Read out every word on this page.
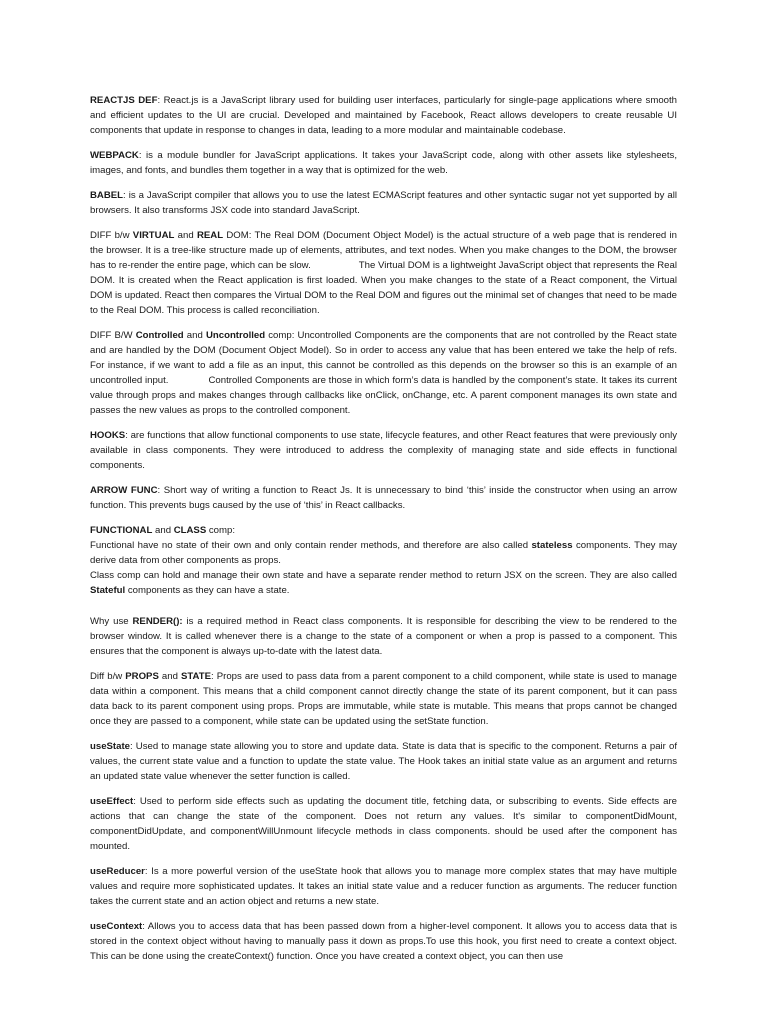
REACTJS DEF: React.js is a JavaScript library used for building user interfaces, particularly for single-page applications where smooth and efficient updates to the UI are crucial. Developed and maintained by Facebook, React allows developers to create reusable UI components that update in response to changes in data, leading to a more modular and maintainable codebase.

WEBPACK: is a module bundler for JavaScript applications. It takes your JavaScript code, along with other assets like stylesheets, images, and fonts, and bundles them together in a way that is optimized for the web.

BABEL: is a JavaScript compiler that allows you to use the latest ECMAScript features and other syntactic sugar not yet supported by all browsers. It also transforms JSX code into standard JavaScript.

DIFF b/w VIRTUAL and REAL DOM: The Real DOM (Document Object Model) is the actual structure of a web page that is rendered in the browser. It is a tree-like structure made up of elements, attributes, and text nodes. When you make changes to the DOM, the browser has to re-render the entire page, which can be slow.	The Virtual DOM is a lightweight JavaScript object that represents the Real DOM. It is created when the React application is first loaded. When you make changes to the state of a React component, the Virtual DOM is updated. React then compares the Virtual DOM to the Real DOM and figures out the minimal set of changes that need to be made to the Real DOM. This process is called reconciliation.

DIFF B/W Controlled and Uncontrolled comp: Uncontrolled Components are the components that are not controlled by the React state and are handled by the DOM (Document Object Model). So in order to access any value that has been entered we take the help of refs. For instance, if we want to add a file as an input, this cannot be controlled as this depends on the browser so this is an example of an uncontrolled input.	Controlled Components are those in which form’s data is handled by the component’s state. It takes its current value through props and makes changes through callbacks like onClick, onChange, etc. A parent component manages its own state and passes the new values as props to the controlled component.

HOOKS: are functions that allow functional components to use state, lifecycle features, and other React features that were previously only available in class components. They were introduced to address the complexity of managing state and side effects in functional components.

ARROW FUNC: Short way of writing a function to React Js. It is unnecessary to bind ‘this’ inside the constructor when using an arrow function. This prevents bugs caused by the use of ‘this’ in React callbacks.

FUNCTIONAL and CLASS comp:
Functional have no state of their own and only contain render methods, and therefore are also called stateless components. They may derive data from other components as props.
Class comp can hold and manage their own state and have a separate render method to return JSX on the screen. They are also called Stateful components as they can have a state.

Why use RENDER(): is a required method in React class components. It is responsible for describing the view to be rendered to the browser window. It is called whenever there is a change to the state of a component or when a prop is passed to a component. This ensures that the component is always up-to-date with the latest data.

Diff b/w PROPS and STATE: Props are used to pass data from a parent component to a child component, while state is used to manage data within a component. This means that a child component cannot directly change the state of its parent component, but it can pass data back to its parent component using props. Props are immutable, while state is mutable. This means that props cannot be changed once they are passed to a component, while state can be updated using the setState function.

useState: Used to manage state allowing you to store and update data. State is data that is specific to the component. Returns a pair of values, the current state value and a function to update the state value. The Hook takes an initial state value as an argument and returns an updated state value whenever the setter function is called.

useEffect: Used to perform side effects such as updating the document title, fetching data, or subscribing to events. Side effects are actions that can change the state of the component. Does not return any values. It's similar to componentDidMount, componentDidUpdate, and componentWillUnmount lifecycle methods in class components. should be used after the component has mounted.

useReducer: Is a more powerful version of the useState hook that allows you to manage more complex states that may have multiple values and require more sophisticated updates. It takes an initial state value and a reducer function as arguments. The reducer function takes the current state and an action object and returns a new state.

useContext: Allows you to access data that has been passed down from a higher-level component. It allows you to access data that is stored in the context object without having to manually pass it down as props.To use this hook, you first need to create a context object. This can be done using the createContext() function. Once you have created a context object, you can then use
